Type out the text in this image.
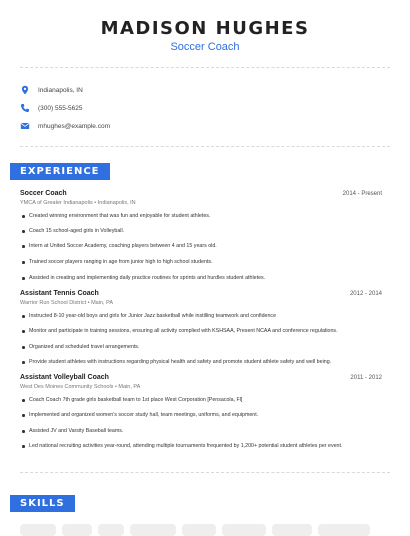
MADISON HUGHES
Soccer Coach
Indianapolis, IN
(300) 555-5625
mhughes@example.com
EXPERIENCE
Soccer Coach	2014 - Present
YMCA of Greater Indianapolis • Indianapolis, IN
Created winning environment that was fun and enjoyable for student athletes.
Coach 15 school-aged girls in Volleyball.
Intern at United Soccer Academy, coaching players between 4 and 15 years old.
Trained soccer players ranging in age from junior high to high school students.
Assisted in creating and implementing daily practice routines for sprints and hurdles student athletes.
Assistant Tennis Coach	2012 - 2014
Warrior Run School District • Main, PA
Instructed 8-10 year-old boys and girls for Junior Jazz basketball while instilling teamwork and confidence
Monitor and participate in training sessions, ensuring all activity complied with KSHSAA, Present NCAA and conference regulations.
Organized and scheduled travel arrangements.
Provide student athletes with instructions regarding physical health and safety and promote student athlete safety and well being.
Assistant Volleyball Coach	2011 - 2012
West Des Moines Community Schools • Main, PA
Coach Coach 7th grade girls basketball team to 1st place West Corporation [Pensacola, Fl]
Implemented and organized women's soccer study hall, team meetings, uniforms, and equipment.
Assisted JV and Varsity Baseball teams.
Led national recruiting activities year-round, attending multiple tournaments frequented by 1,200+ potential student athletes per event.
SKILLS
